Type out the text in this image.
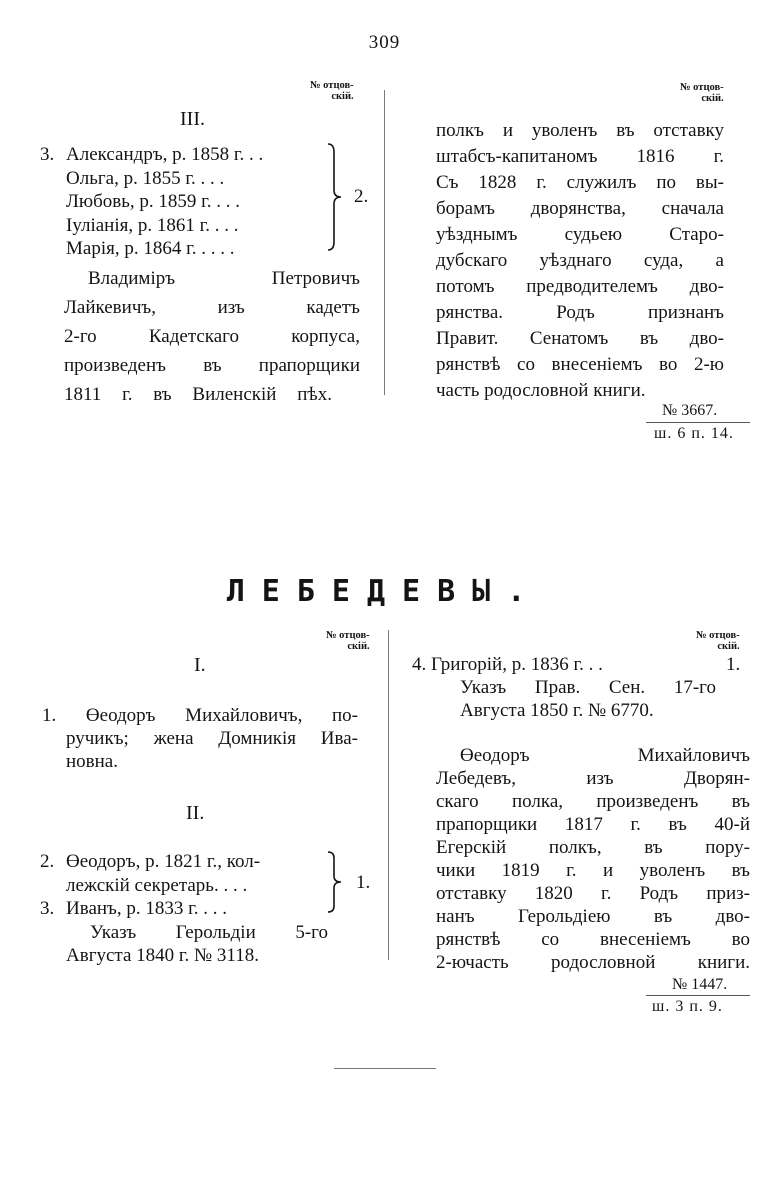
309
№ отцов-
скій.
№ отцов-
скій.
III.
3. Александръ, р. 1858 г. . .
Ольга, р. 1855 г. . . .
Любовь, р. 1859 г. . . .
Іуліанія, р. 1861 г. . . .
Марія, р. 1864 г. . . . .
2.
Владиміръ Петровичъ
Лайкевичъ, изъ кадетъ
2-го Кадетскаго корпуса,
произведенъ въ прапорщики
1811 г. въ Виленскій пѣх.
полкъ и уволенъ въ отставку
штабсъ-капитаномъ 1816 г.
Съ 1828 г. служилъ по вы-
борамъ дворянства, сначала
уѣзднымъ судьею Старо-
дубскаго уѣзднаго суда, а
потомъ предводителемъ дво-
рянства. Родъ признанъ
Правит. Сенатомъ въ дво-
рянствѣ со внесеніемъ во 2-ю
часть родословной книги.
№ 3667.
ш. 6 п. 14.
ЛЕБЕДЕВЫ.
№ отцов-
скій.
№ отцов-
скій.
I.
1. Өеодоръ Михайловичъ, по-
ручикъ; жена Домникія Ива-
новна.
II.
2. Өеодоръ, р. 1821 г., кол-
лежскій секретарь. . . .
3. Иванъ, р. 1833 г. . . .
1.
Указъ Герольдіи 5-го
Августа 1840 г. № 3118.
4. Григорій, р. 1836 г. . .	1.
Указъ Прав. Сен. 17-го
Августа 1850 г. № 6770.
Өеодоръ Михайловичъ
Лебедевъ, изъ Дворян-
скаго полка, произведенъ въ
прапорщики 1817 г. въ 40-й
Егерскій полкъ, въ пору-
чики 1819 г. и уволенъ въ
отставку 1820 г. Родъ приз-
нанъ Герольдіею въ дво-
рянствѣ со внесеніемъ во
2-ючасть родословной книги.
№ 1447.
ш. 3 п. 9.
